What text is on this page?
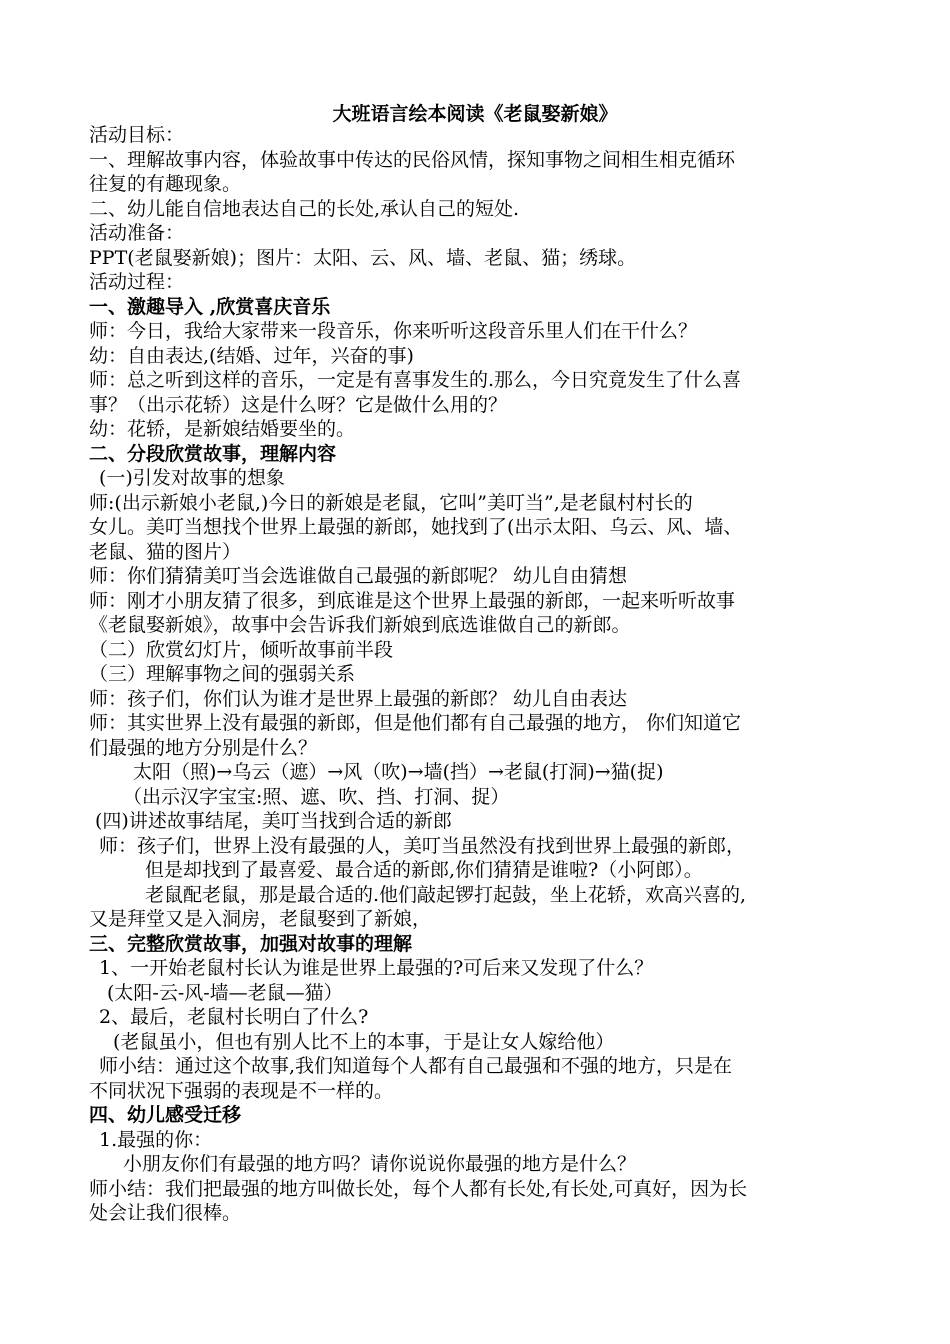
大班语言绘本阅读《老鼠娶新娘》
活动目标：
一、理解故事内容，体验故事中传达的民俗风情，探知事物之间相生相克循环
往复的有趣现象。
二、幼儿能自信地表达自己的长处,承认自己的短处.
活动准备：
PPT(老鼠娶新娘)；图片：太阳、云、风、墙、老鼠、猫；绣球。
活动过程：
一、激趣导入 ,欣赏喜庆音乐
师：今日，我给大家带来一段音乐，你来听听这段音乐里人们在干什么？
幼：自由表达,(结婚、过年，兴奋的事)
师：总之听到这样的音乐，一定是有喜事发生的.那么，今日究竟发生了什么喜
事？（出示花轿）这是什么呀？它是做什么用的？
幼：花轿，是新娘结婚要坐的。
二、分段欣赏故事，理解内容
(一)引发对故事的想象
师:(出示新娘小老鼠,)今日的新娘是老鼠，它叫”美叮当”,是老鼠村村长的
女儿。美叮当想找个世界上最强的新郎，她找到了(出示太阳、乌云、风、墙、
老鼠、猫的图片）
师：你们猜猜美叮当会选谁做自己最强的新郎呢？ 幼儿自由猜想
师：刚才小朋友猜了很多，到底谁是这个世界上最强的新郎，一起来听听故事
《老鼠娶新娘》，故事中会告诉我们新娘到底选谁做自己的新郎。
（二）欣赏幻灯片，倾听故事前半段
（三）理解事物之间的强弱关系
师：孩子们，你们认为谁才是世界上最强的新郎？ 幼儿自由表达
师：其实世界上没有最强的新郎，但是他们都有自己最强的地方， 你们知道它
们最强的地方分别是什么？
太阳（照)→乌云（遮）→风（吹)→墙(挡）→老鼠(打洞)→猫(捉)
（出示汉字宝宝:照、遮、吹、挡、打洞、捉）
(四)讲述故事结尾，美叮当找到合适的新郎
师：孩子们，世界上没有最强的人，美叮当虽然没有找到世界上最强的新郎，
但是却找到了最喜爱、最合适的新郎,你们猜猜是谁啦?（小阿郎）。
老鼠配老鼠，那是最合适的.他们敲起锣打起鼓，坐上花轿，欢高兴喜的,
又是拜堂又是入洞房，老鼠娶到了新娘，
三、完整欣赏故事，加强对故事的理解
1、一开始老鼠村长认为谁是世界上最强的?可后来又发现了什么？
(太阳-云-风-墙—老鼠—猫）
2、最后，老鼠村长明白了什么?
(老鼠虽小，但也有别人比不上的本事，于是让女人嫁给他）
师小结：通过这个故事,我们知道每个人都有自己最强和不强的地方，只是在
不同状况下强弱的表现是不一样的。
四、幼儿感受迁移
1.最强的你：
小朋友你们有最强的地方吗？请你说说你最强的地方是什么？
师小结：我们把最强的地方叫做长处，每个人都有长处,有长处,可真好，因为长
处会让我们很棒。
